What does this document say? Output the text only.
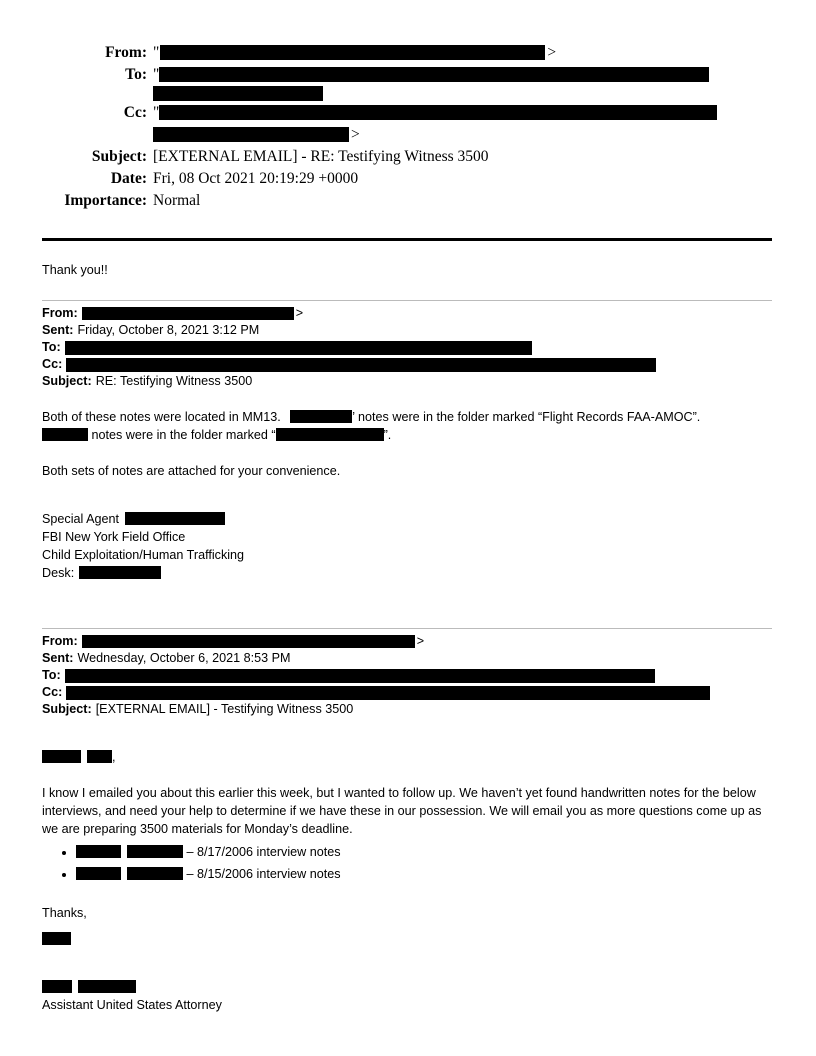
From: "	>
To: "
Cc: "
>
Subject: [EXTERNAL EMAIL] - RE: Testifying Witness 3500
Date: Fri, 08 Oct 2021 20:19:29 +0000
Importance: Normal
Thank you!!
From:	>
Sent: Friday, October 8, 2021 3:12 PM
To:
Cc:
Subject: RE: Testifying Witness 3500
Both of these notes were located in MM13.	’ notes were in the folder marked “Flight Records FAA-AMOC”.
notes were in the folder marked “	”.
Both sets of notes are attached for your convenience.
Special Agent
FBI New York Field Office
Child Exploitation/Human Trafficking
Desk:
From:	>
Sent: Wednesday, October 6, 2021 8:53 PM
To:
Cc:
Subject: [EXTERNAL EMAIL] - Testifying Witness 3500
,
I know I emailed you about this earlier this week, but I wanted to follow up. We haven’t yet found handwritten notes for the below interviews, and need your help to determine if we have these in our possession. We will email you as more questions come up as we are preparing 3500 materials for Monday’s deadline.
• – 8/17/2006 interview notes
• – 8/15/2006 interview notes
Thanks,
Assistant United States Attorney
